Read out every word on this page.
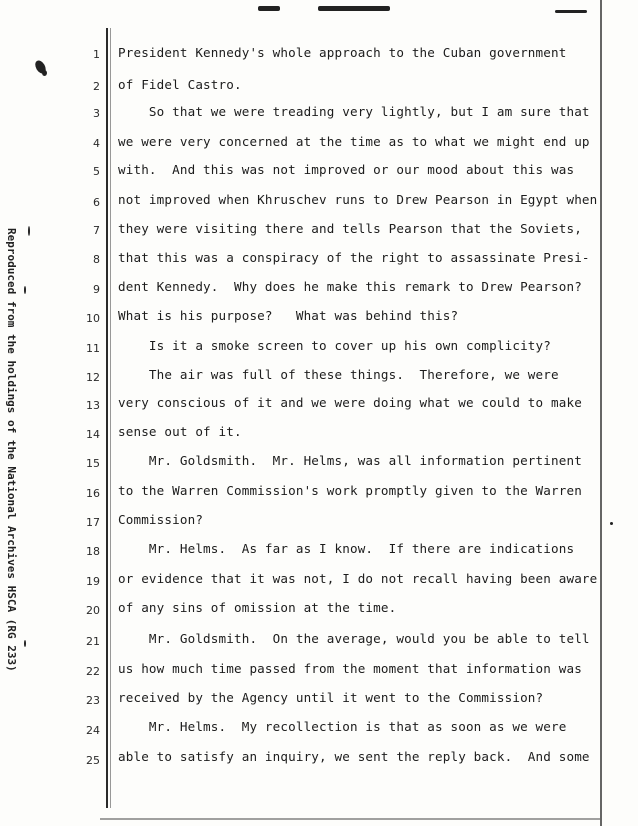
Reproduced from the holdings of the National Archives HSCA (RG 233)
1
2
3
4
5
6
7
8
9
10
11
12
13
14
15
16
17
18
19
20
21
22
23
24
25
President Kennedy's whole approach to the Cuban government
of Fidel Castro.
So that we were treading very lightly, but I am sure that
we were very concerned at the time as to what we might end up
with.  And this was not improved or our mood about this was
not improved when Khruschev runs to Drew Pearson in Egypt when
they were visiting there and tells Pearson that the Soviets,
that this was a conspiracy of the right to assassinate Presi-
dent Kennedy.  Why does he make this remark to Drew Pearson?
What is his purpose?   What was behind this?
Is it a smoke screen to cover up his own complicity?
The air was full of these things.  Therefore, we were
very conscious of it and we were doing what we could to make
sense out of it.
Mr. Goldsmith.  Mr. Helms, was all information pertinent
to the Warren Commission's work promptly given to the Warren
Commission?
Mr. Helms.  As far as I know.  If there are indications
or evidence that it was not, I do not recall having been aware
of any sins of omission at the time.
Mr. Goldsmith.  On the average, would you be able to tell
us how much time passed from the moment that information was
received by the Agency until it went to the Commission?
Mr. Helms.  My recollection is that as soon as we were
able to satisfy an inquiry, we sent the reply back.  And some
